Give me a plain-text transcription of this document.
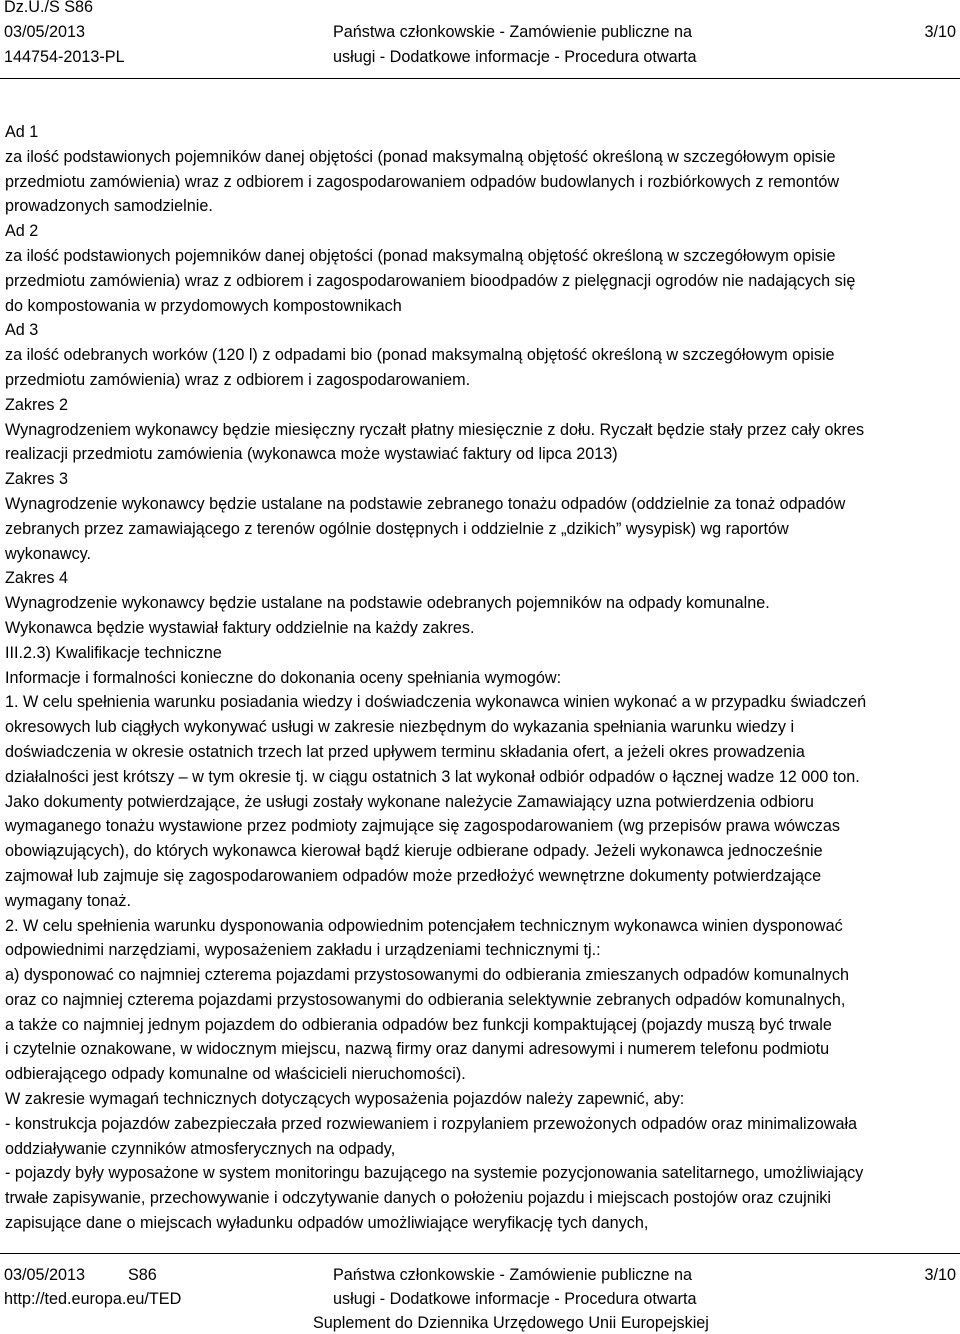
Dz.U./S S86
03/05/2013
144754-2013-PL
Państwa członkowskie - Zamówienie publiczne na
usługi - Dodatkowe informacje - Procedura otwarta
3/10
Ad 1
za ilość podstawionych pojemników danej objętości (ponad maksymalną objętość określoną w szczegółowym opisie
przedmiotu zamówienia) wraz z odbiorem i zagospodarowaniem odpadów budowlanych i rozbiórkowych z remontów
prowadzonych samodzielnie.
Ad 2
za ilość podstawionych pojemników danej objętości (ponad maksymalną objętość określoną w szczegółowym opisie
przedmiotu zamówienia) wraz z odbiorem i zagospodarowaniem bioodpadów z pielęgnacji ogrodów nie nadających się
do kompostowania w przydomowych kompostownikach
Ad 3
za ilość odebranych worków (120 l) z odpadami bio (ponad maksymalną objętość określoną w szczegółowym opisie
przedmiotu zamówienia) wraz z odbiorem i zagospodarowaniem.
Zakres 2
Wynagrodzeniem wykonawcy będzie miesięczny ryczałt płatny miesięcznie z dołu. Ryczałt będzie stały przez cały okres
realizacji przedmiotu zamówienia (wykonawca może wystawiać faktury od lipca 2013)
Zakres 3
Wynagrodzenie wykonawcy będzie ustalane na podstawie zebranego tonażu odpadów (oddzielnie za tonaż odpadów
zebranych przez zamawiającego z terenów ogólnie dostępnych i oddzielnie z „dzikich” wysypisk) wg raportów
wykonawcy.
Zakres 4
Wynagrodzenie wykonawcy będzie ustalane na podstawie odebranych pojemników na odpady komunalne.
Wykonawca będzie wystawiał faktury oddzielnie na każdy zakres.
III.2.3) Kwalifikacje techniczne
Informacje i formalności konieczne do dokonania oceny spełniania wymogów:
1. W celu spełnienia warunku posiadania wiedzy i doświadczenia wykonawca winien wykonać a w przypadku świadczeń
okresowych lub ciągłych wykonywać usługi w zakresie niezbędnym do wykazania spełniania warunku wiedzy i
doświadczenia w okresie ostatnich trzech lat przed upływem terminu składania ofert, a jeżeli okres prowadzenia
działalności jest krótszy – w tym okresie tj. w ciągu ostatnich 3 lat wykonał odbiór odpadów o łącznej wadze 12 000 ton.
Jako dokumenty potwierdzające, że usługi zostały wykonane należycie Zamawiający uzna potwierdzenia odbioru
wymaganego tonażu wystawione przez podmioty zajmujące się zagospodarowaniem (wg przepisów prawa wówczas
obowiązujących), do których wykonawca kierował bądź kieruje odbierane odpady. Jeżeli wykonawca jednocześnie
zajmował lub zajmuje się zagospodarowaniem odpadów może przedłożyć wewnętrzne dokumenty potwierdzające
wymagany tonaż.
2. W celu spełnienia warunku dysponowania odpowiednim potencjałem technicznym wykonawca winien dysponować
odpowiednimi narzędziami, wyposażeniem zakładu i urządzeniami technicznymi tj.:
a) dysponować co najmniej czterema pojazdami przystosowanymi do odbierania zmieszanych odpadów komunalnych
oraz co najmniej czterema pojazdami przystosowanymi do odbierania selektywnie zebranych odpadów komunalnych,
a także co najmniej jednym pojazdem do odbierania odpadów bez funkcji kompaktującej (pojazdy muszą być trwale
i czytelnie oznakowane, w widocznym miejscu, nazwą firmy oraz danymi adresowymi i numerem telefonu podmiotu
odbierającego odpady komunalne od właścicieli nieruchomości).
W zakresie wymagań technicznych dotyczących wyposażenia pojazdów należy zapewnić, aby:
- konstrukcja pojazdów zabezpieczała przed rozwiewaniem i rozpylaniem przewożonych odpadów oraz minimalizowała
oddziaływanie czynników atmosferycznych na odpady,
- pojazdy były wyposażone w system monitoringu bazującego na systemie pozycjonowania satelitarnego, umożliwiający
trwałe zapisywanie, przechowywanie i odczytywanie danych o położeniu pojazdu i miejscach postojów oraz czujniki
zapisujące dane o miejscach wyładunku odpadów umożliwiające weryfikację tych danych,
03/05/2013	S86
http://ted.europa.eu/TED
Państwa członkowskie - Zamówienie publiczne na
usługi - Dodatkowe informacje - Procedura otwarta
Suplement do Dziennika Urzędowego Unii Europejskiej
3/10
